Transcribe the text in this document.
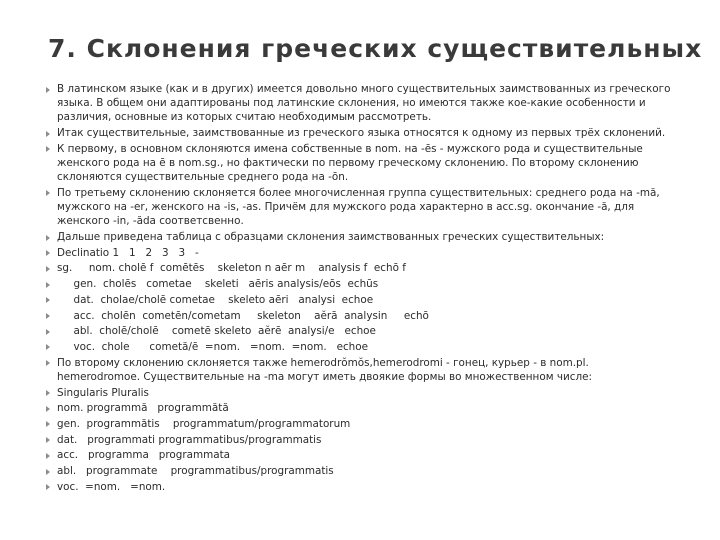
7. Склонения греческих существительных
В латинском языке (как и в других) имеется довольно много существительных заимствованных из греческого языка. В общем они адаптированы под латинские склонения, но имеются также кое-какие особенности и различия, основные из которых считаю необходимым рассмотреть.
Итак существительные, заимствованные из греческого языка относятся к одному из первых трёх склонений.
К первому, в основном склоняются имена собственные в nom. на -ēs - мужского рода и существительные женского рода на ē в nom.sg., но фактически по первому греческому склонению. По второму склонению склоняются существительные среднего рода на -ōn.
По третьему склонению склоняется более многочисленная группа существительных: среднего рода на -mă, мужского на -er, женского на -is, -as. Причём для мужского рода характерно в acc.sg. окончание -ă, для женского -in, -ăda соответсвенно.
Дальше приведена таблица с образцами склонения заимствованных греческих существительных:
Declinatio 1   1   2   3   3   -
sg.     nom. cholē f  comētēs    skeleton n aēr m    analysis f  echō f
gen.  cholēs   cometae    skeleti   aēris analysis/eōs  echūs
dat.  cholae/cholē cometae    skeleto aēri   analysi  echoe
acc.  cholēn  cometēn/cometam     skeleton    aĕrā  analysin     echō
abl.  cholē/cholē    cometē skeleto  aĕrē  analysi/e   echoe
voc.  chole      cometă/ē  =nom.   =nom.  =nom.   echoe
По второму склонению склоняется также hemerodrŏmŏs,hemerodromi - гонец, курьер - в nom.pl. hemerodromoe. Существительные на -ma могут иметь двоякие формы во множественном числе:
Singularis Pluralis
nom. programmă   programmătă
gen.  programmătis    programmatum/programmatorum
dat.   programmati programmatibus/programmatis
acc.   programma   programmata
abl.   programmate    programmatibus/programmatis
voc.  =nom.   =nom.
